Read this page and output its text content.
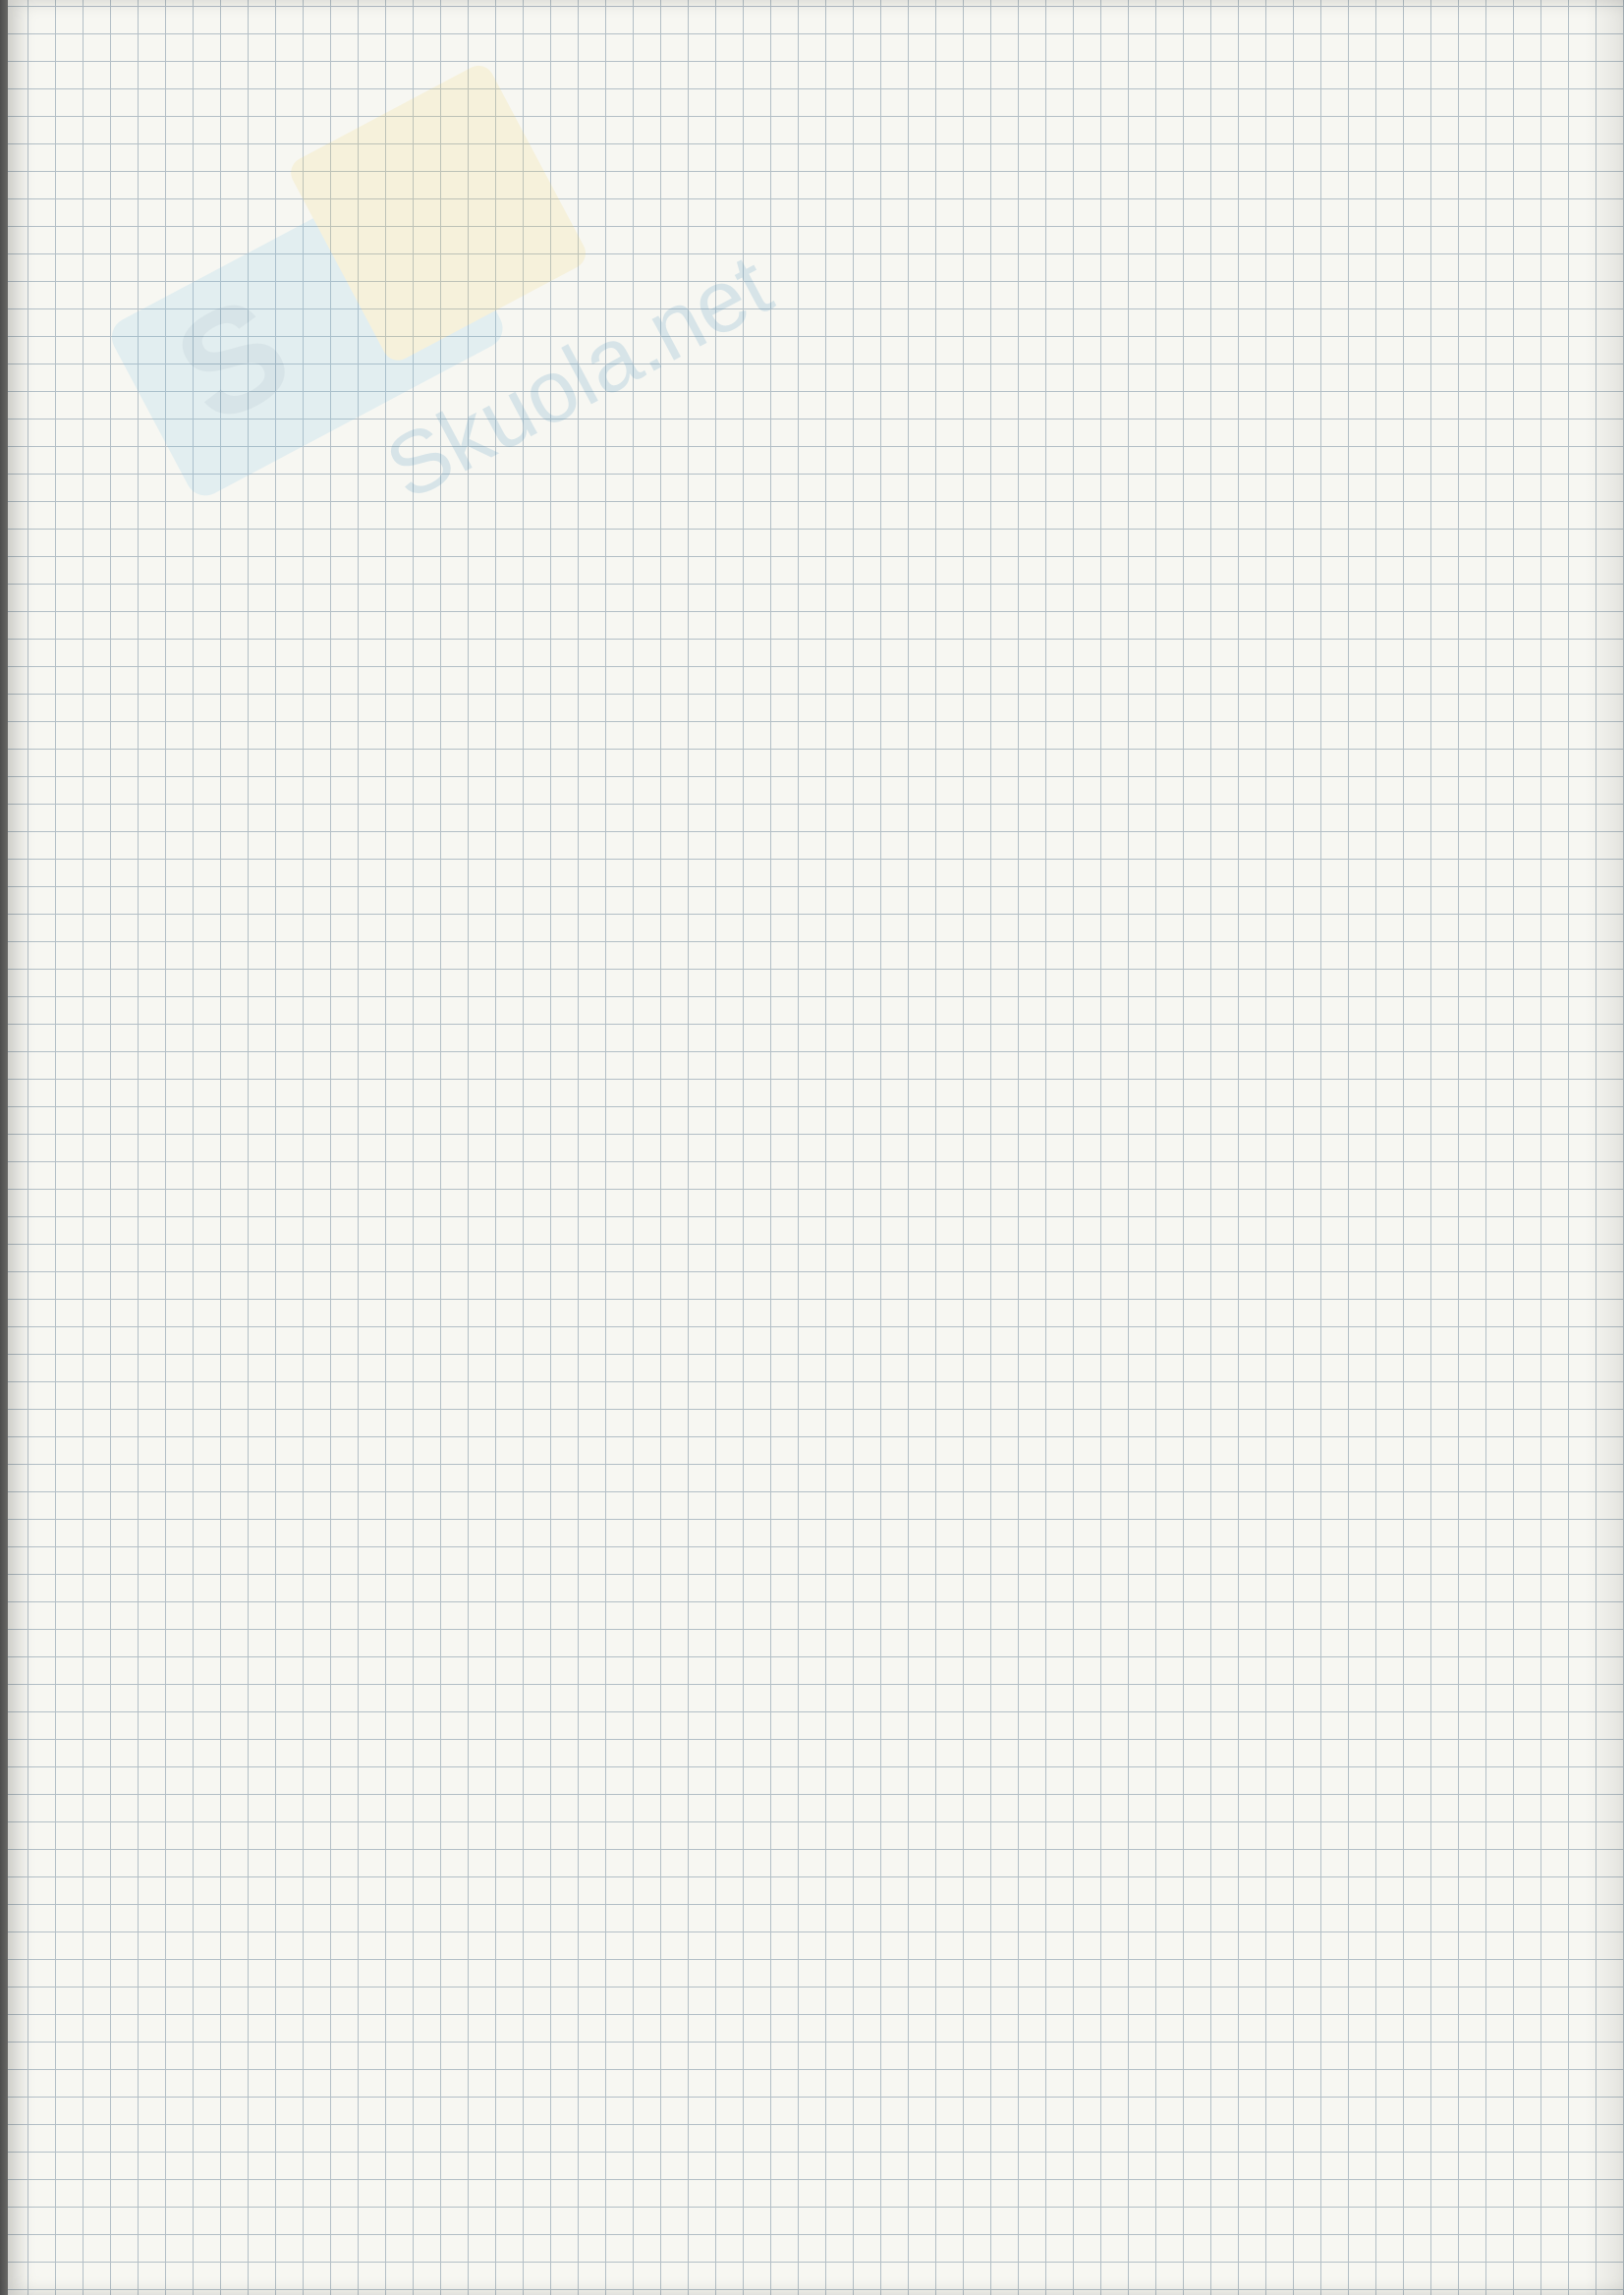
S Skuola.net
